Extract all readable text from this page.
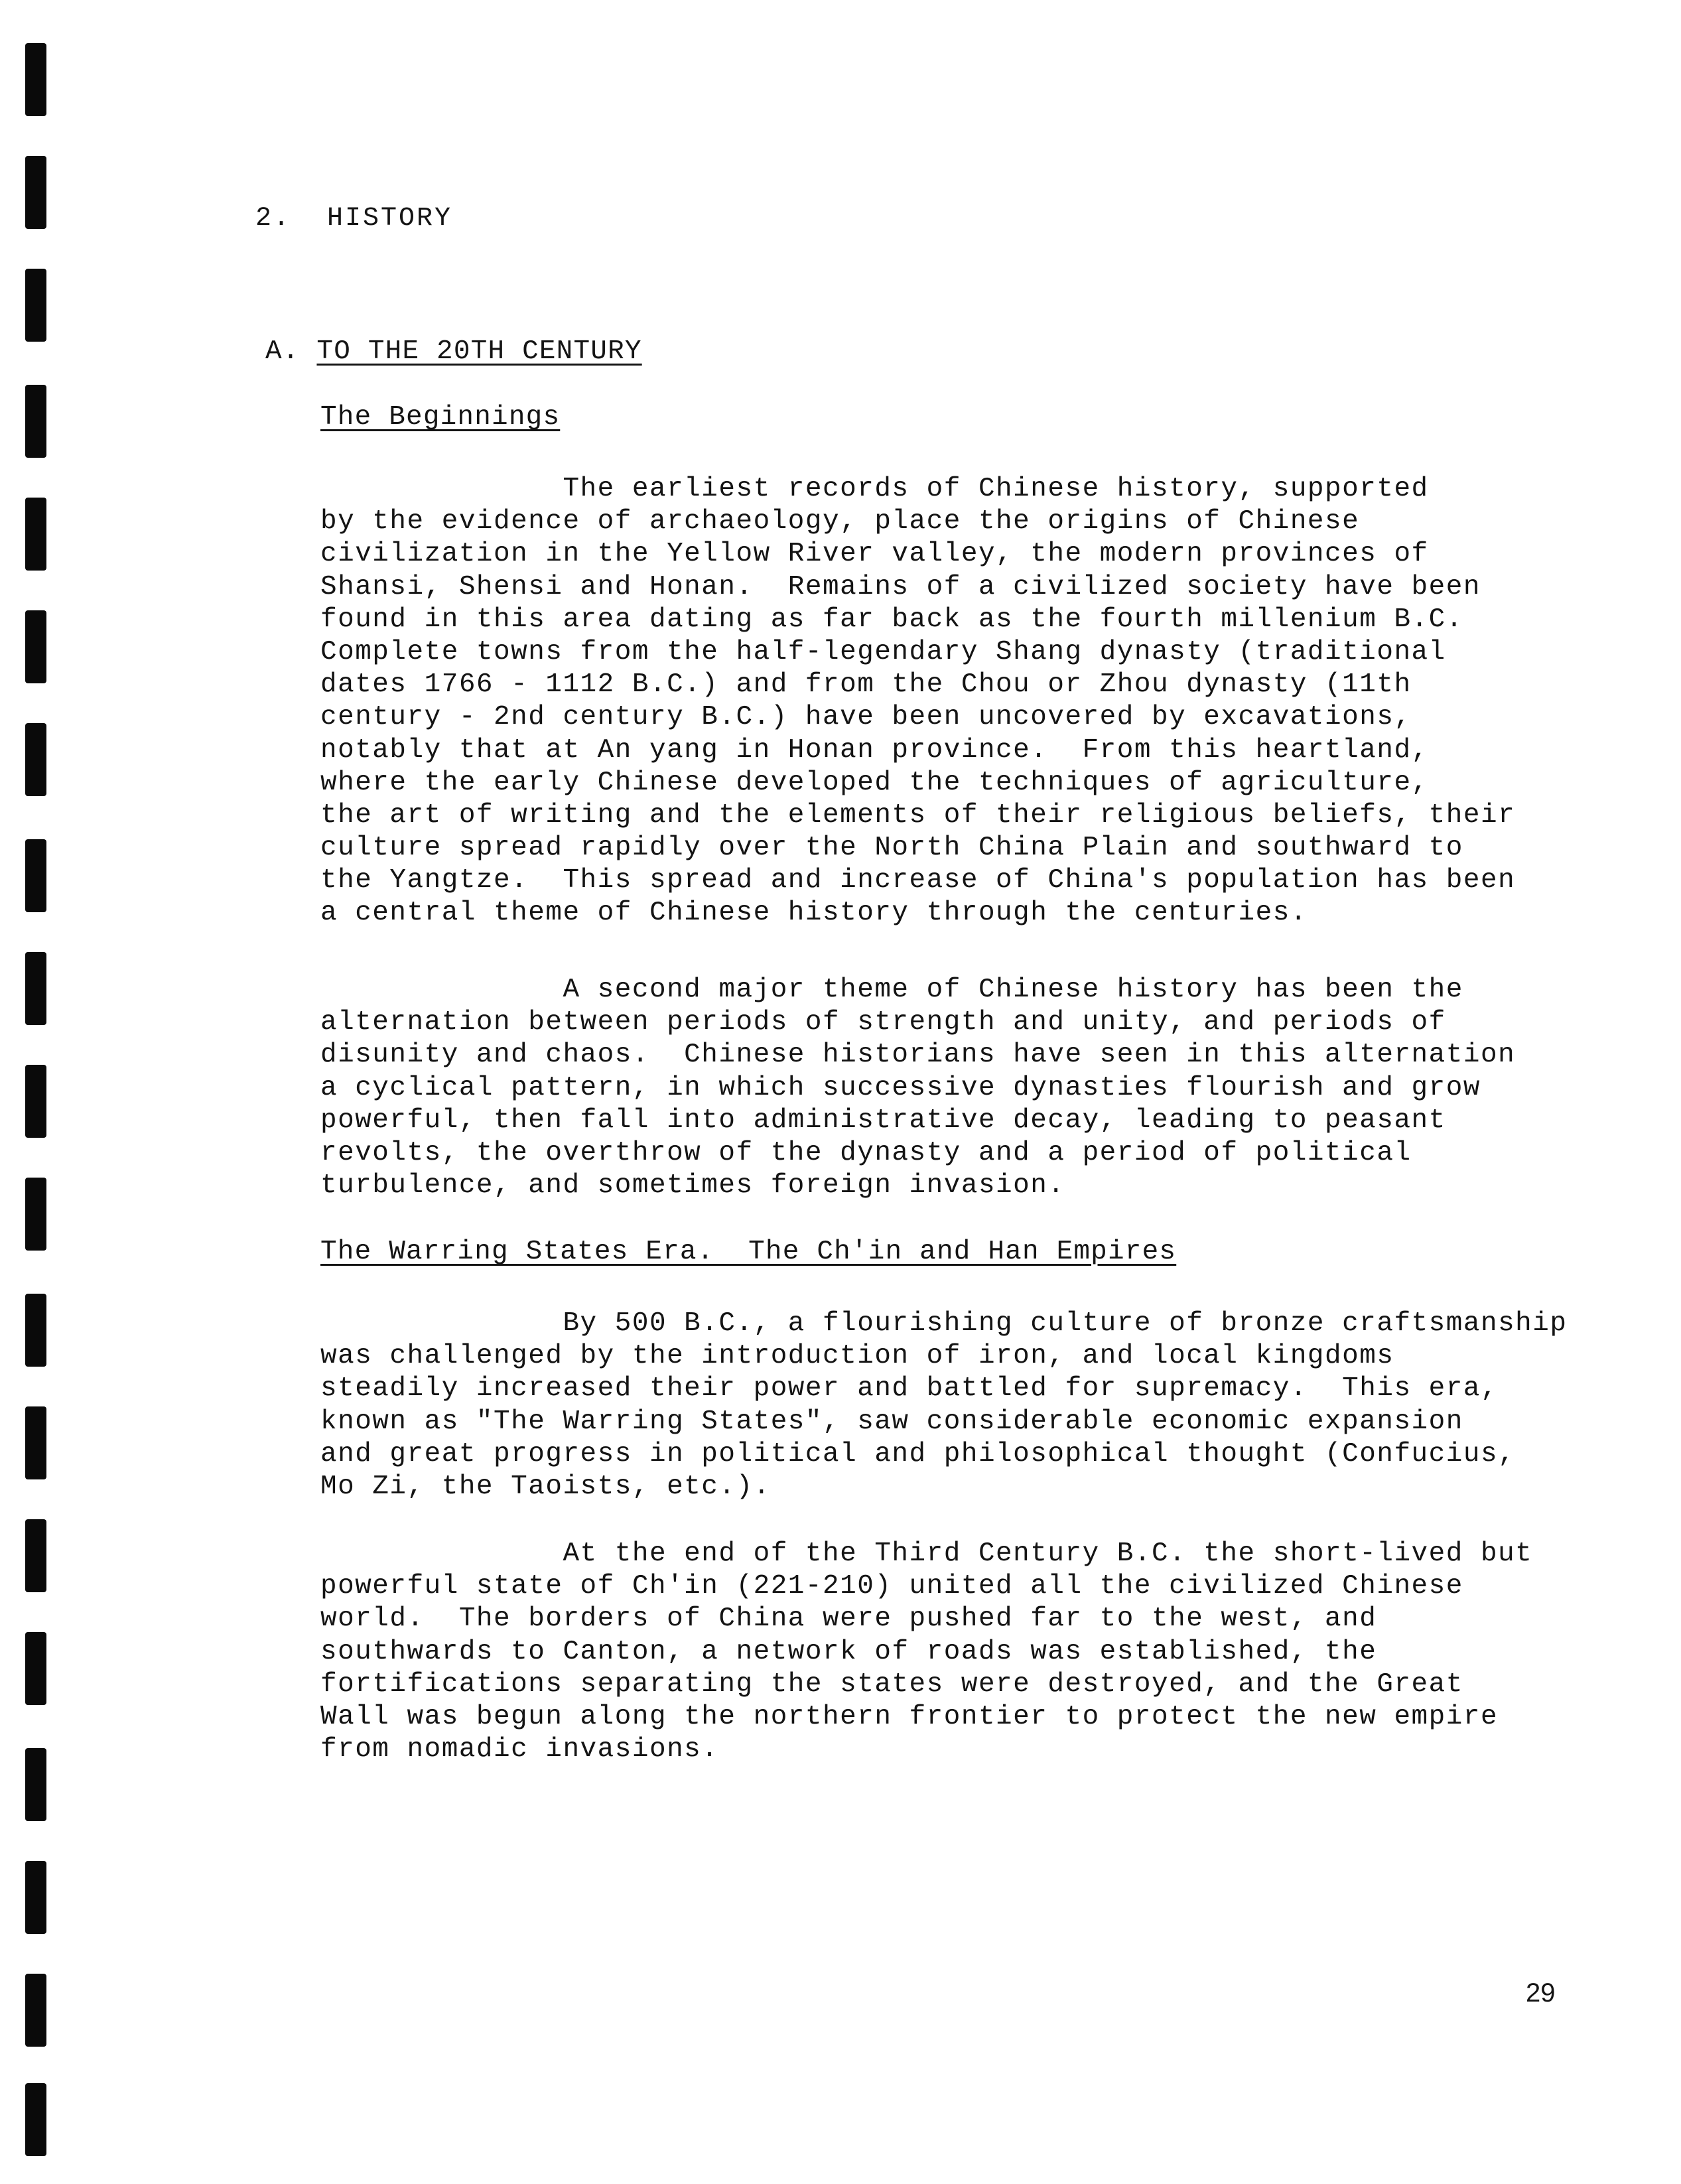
2. HISTORY
A. TO THE 20TH CENTURY
The Beginnings
The earliest records of Chinese history, supported
by the evidence of archaeology, place the origins of Chinese
civilization in the Yellow River valley, the modern provinces of
Shansi, Shensi and Honan.  Remains of a civilized society have been
found in this area dating as far back as the fourth millenium B.C.
Complete towns from the half-legendary Shang dynasty (traditional
dates 1766 - 1112 B.C.) and from the Chou or Zhou dynasty (11th
century - 2nd century B.C.) have been uncovered by excavations,
notably that at An yang in Honan province.  From this heartland,
where the early Chinese developed the techniques of agriculture,
the art of writing and the elements of their religious beliefs, their
culture spread rapidly over the North China Plain and southward to
the Yangtze.  This spread and increase of China's population has been
a central theme of Chinese history through the centuries.
A second major theme of Chinese history has been the
alternation between periods of strength and unity, and periods of
disunity and chaos.  Chinese historians have seen in this alternation
a cyclical pattern, in which successive dynasties flourish and grow
powerful, then fall into administrative decay, leading to peasant
revolts, the overthrow of the dynasty and a period of political
turbulence, and sometimes foreign invasion.
The Warring States Era.  The Ch'in and Han Empires
By 500 B.C., a flourishing culture of bronze craftsmanship
was challenged by the introduction of iron, and local kingdoms
steadily increased their power and battled for supremacy.  This era,
known as "The Warring States", saw considerable economic expansion
and great progress in political and philosophical thought (Confucius,
Mo Zi, the Taoists, etc.).
At the end of the Third Century B.C. the short-lived but
powerful state of Ch'in (221-210) united all the civilized Chinese
world.  The borders of China were pushed far to the west, and
southwards to Canton, a network of roads was established, the
fortifications separating the states were destroyed, and the Great
Wall was begun along the northern frontier to protect the new empire
from nomadic invasions.
29
